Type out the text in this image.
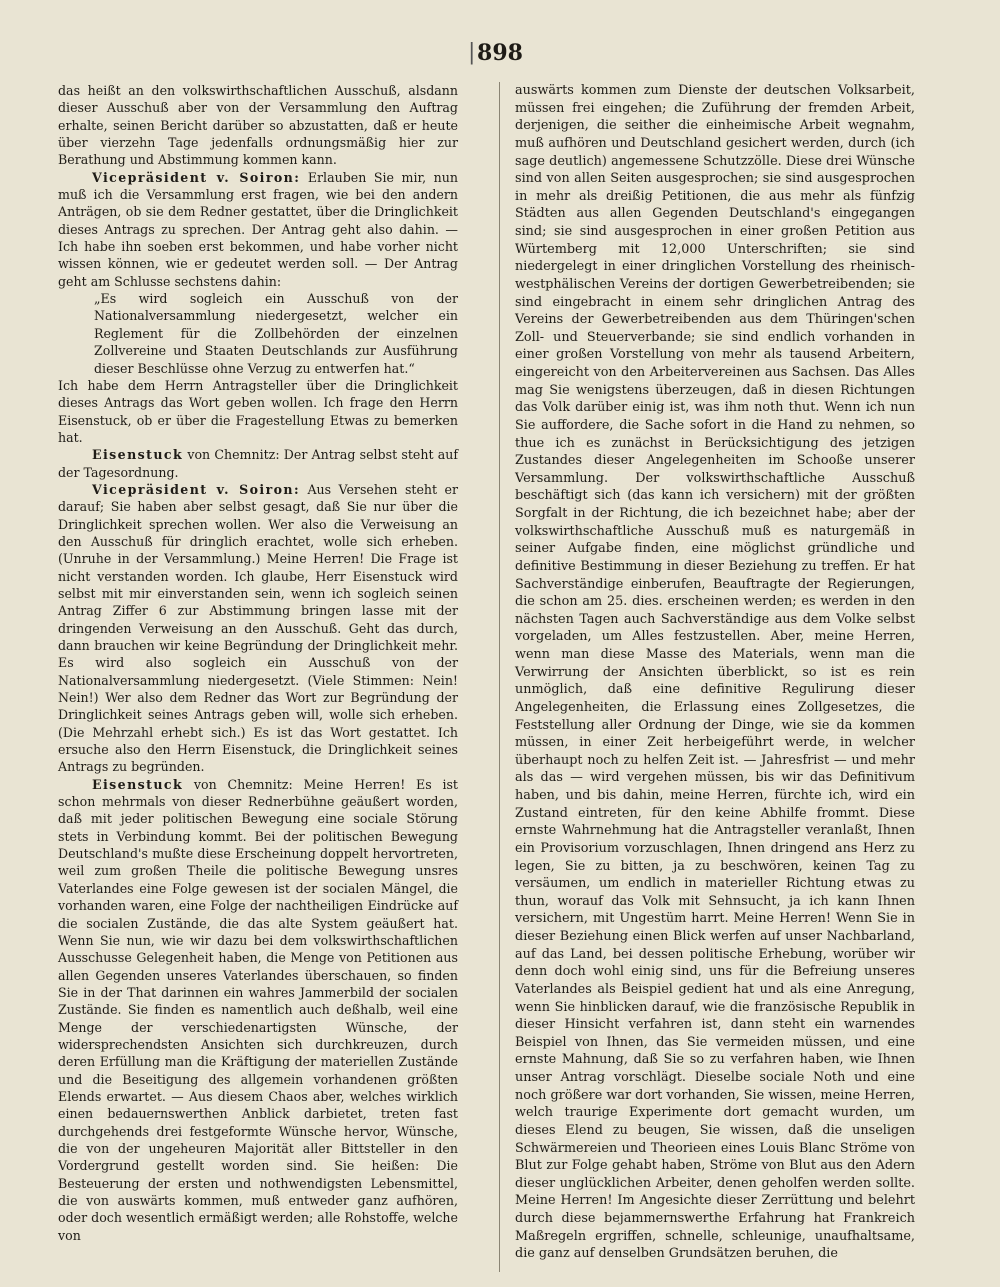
| 898

das heißt an den volkswirthschaftlichen Ausschuß, alsdann dieser Ausschuß aber von der Versammlung den Auftrag erhalte, seinen Bericht darüber so abzustatten, daß er heute über vierzehn Tage jedenfalls ordnungsmäßig hier zur Berathung und Abstimmung kommen kann.

Vicepräsident v. Soiron: Erlauben Sie mir, nun muß ich die Versammlung erst fragen, wie bei den andern Anträgen, ob sie dem Redner gestattet, über die Dringlichkeit dieses Antrags zu sprechen. Der Antrag geht also dahin. — Ich habe ihn soeben erst bekommen, und habe vorher nicht wissen können, wie er gedeutet werden soll. — Der Antrag geht am Schlusse sechstens dahin:

„Es wird sogleich ein Ausschuß von der Nationalversammlung niedergesetzt, welcher ein Reglement für die Zollbehörden der einzelnen Zollvereine und Staaten Deutschlands zur Ausführung dieser Beschlüsse ohne Verzug zu entwerfen hat.“

Ich habe dem Herrn Antragsteller über die Dringlichkeit dieses Antrags das Wort geben wollen. Ich frage den Herrn Eisenstuck, ob er über die Fragestellung Etwas zu bemerken hat.

Eisenstuck von Chemnitz: Der Antrag selbst steht auf der Tagesordnung.

Vicepräsident v. Soiron: Aus Versehen steht er darauf; Sie haben aber selbst gesagt, daß Sie nur über die Dringlichkeit sprechen wollen. Wer also die Verweisung an den Ausschuß für dringlich erachtet, wolle sich erheben. (Unruhe in der Versammlung.) Meine Herren! Die Frage ist nicht verstanden worden. Ich glaube, Herr Eisenstuck wird selbst mit mir einverstanden sein, wenn ich sogleich seinen Antrag Ziffer 6 zur Abstimmung bringen lasse mit der dringenden Verweisung an den Ausschuß. Geht das durch, dann brauchen wir keine Begründung der Dringlichkeit mehr. Es wird also sogleich ein Ausschuß von der Nationalversammlung niedergesetzt. (Viele Stimmen: Nein! Nein!) Wer also dem Redner das Wort zur Begründung der Dringlichkeit seines Antrags geben will, wolle sich erheben. (Die Mehrzahl erhebt sich.) Es ist das Wort gestattet. Ich ersuche also den Herrn Eisenstuck, die Dringlichkeit seines Antrags zu begründen.

Eisenstuck von Chemnitz: Meine Herren! Es ist schon mehrmals von dieser Rednerbühne geäußert worden, daß mit jeder politischen Bewegung eine sociale Störung stets in Verbindung kommt. Bei der politischen Bewegung Deutschland's mußte diese Erscheinung doppelt hervortreten, weil zum großen Theile die politische Bewegung unsres Vaterlandes eine Folge gewesen ist der socialen Mängel, die vorhanden waren, eine Folge der nachtheiligen Eindrücke auf die socialen Zustände, die das alte System geäußert hat. Wenn Sie nun, wie wir dazu bei dem volkswirthschaftlichen Ausschusse Gelegenheit haben, die Menge von Petitionen aus allen Gegenden unseres Vaterlandes überschauen, so finden Sie in der That darinnen ein wahres Jammerbild der socialen Zustände. Sie finden es namentlich auch deßhalb, weil eine Menge der verschiedenartigsten Wünsche, der widersprechendsten Ansichten sich durchkreuzen, durch deren Erfüllung man die Kräftigung der materiellen Zustände und die Beseitigung des allgemein vorhandenen größten Elends erwartet. — Aus diesem Chaos aber, welches wirklich einen bedauernswerthen Anblick darbietet, treten fast durchgehends drei festgeformte Wünsche hervor, Wünsche, die von der ungeheuren Majorität aller Bittsteller in den Vordergrund gestellt worden sind. Sie heißen: Die Besteuerung der ersten und nothwendigsten Lebensmittel, die von auswärts kommen, muß entweder ganz aufhören, oder doch wesentlich ermäßigt werden; alle Rohstoffe, welche von

auswärts kommen zum Dienste der deutschen Volksarbeit, müssen frei eingehen; die Zuführung der fremden Arbeit, derjenigen, die seither die einheimische Arbeit wegnahm, muß aufhören und Deutschland gesichert werden, durch (ich sage deutlich) angemessene Schutzzölle. Diese drei Wünsche sind von allen Seiten ausgesprochen; sie sind ausgesprochen in mehr als dreißig Petitionen, die aus mehr als fünfzig Städten aus allen Gegenden Deutschland's eingegangen sind; sie sind ausgesprochen in einer großen Petition aus Würtemberg mit 12,000 Unterschriften; sie sind niedergelegt in einer dringlichen Vorstellung des rheinisch-westphälischen Vereins der dortigen Gewerbetreibenden; sie sind eingebracht in einem sehr dringlichen Antrag des Vereins der Gewerbetreibenden aus dem Thüringen'schen Zoll- und Steuerverbande; sie sind endlich vorhanden in einer großen Vorstellung von mehr als tausend Arbeitern, eingereicht von den Arbeitervereinen aus Sachsen. Das Alles mag Sie wenigstens überzeugen, daß in diesen Richtungen das Volk darüber einig ist, was ihm noth thut. Wenn ich nun Sie auffordere, die Sache sofort in die Hand zu nehmen, so thue ich es zunächst in Berücksichtigung des jetzigen Zustandes dieser Angelegenheiten im Schooße unserer Versammlung. Der volkswirthschaftliche Ausschuß beschäftigt sich (das kann ich versichern) mit der größten Sorgfalt in der Richtung, die ich bezeichnet habe; aber der volkswirthschaftliche Ausschuß muß es naturgemäß in seiner Aufgabe finden, eine möglichst gründliche und definitive Bestimmung in dieser Beziehung zu treffen. Er hat Sachverständige einberufen, Beauftragte der Regierungen, die schon am 25. dies. erscheinen werden; es werden in den nächsten Tagen auch Sachverständige aus dem Volke selbst vorgeladen, um Alles festzustellen. Aber, meine Herren, wenn man diese Masse des Materials, wenn man die Verwirrung der Ansichten überblickt, so ist es rein unmöglich, daß eine definitive Regulirung dieser Angelegenheiten, die Erlassung eines Zollgesetzes, die Feststellung aller Ordnung der Dinge, wie sie da kommen müssen, in einer Zeit herbeigeführt werde, in welcher überhaupt noch zu helfen Zeit ist. — Jahresfrist — und mehr als das — wird vergehen müssen, bis wir das Definitivum haben, und bis dahin, meine Herren, fürchte ich, wird ein Zustand eintreten, für den keine Abhilfe frommt. Diese ernste Wahrnehmung hat die Antragsteller veranlaßt, Ihnen ein Provisorium vorzuschlagen, Ihnen dringend ans Herz zu legen, Sie zu bitten, ja zu beschwören, keinen Tag zu versäumen, um endlich in materieller Richtung etwas zu thun, worauf das Volk mit Sehnsucht, ja ich kann Ihnen versichern, mit Ungestüm harrt. Meine Herren! Wenn Sie in dieser Beziehung einen Blick werfen auf unser Nachbarland, auf das Land, bei dessen politische Erhebung, worüber wir denn doch wohl einig sind, uns für die Befreiung unseres Vaterlandes als Beispiel gedient hat und als eine Anregung, wenn Sie hinblicken darauf, wie die französische Republik in dieser Hinsicht verfahren ist, dann steht ein warnendes Beispiel von Ihnen, das Sie vermeiden müssen, und eine ernste Mahnung, daß Sie so zu verfahren haben, wie Ihnen unser Antrag vorschlägt. Dieselbe sociale Noth und eine noch größere war dort vorhanden, Sie wissen, meine Herren, welch traurige Experimente dort gemacht wurden, um dieses Elend zu beugen, Sie wissen, daß die unseligen Schwärmereien und Theorieen eines Louis Blanc Ströme von Blut zur Folge gehabt haben, Ströme von Blut aus den Adern dieser unglücklichen Arbeiter, denen geholfen werden sollte. Meine Herren! Im Angesichte dieser Zerrüttung und belehrt durch diese bejammernswerthe Erfahrung hat Frankreich Maßregeln ergriffen, schnelle, schleunige, unaufhaltsame, die ganz auf denselben Grundsätzen beruhen, die
